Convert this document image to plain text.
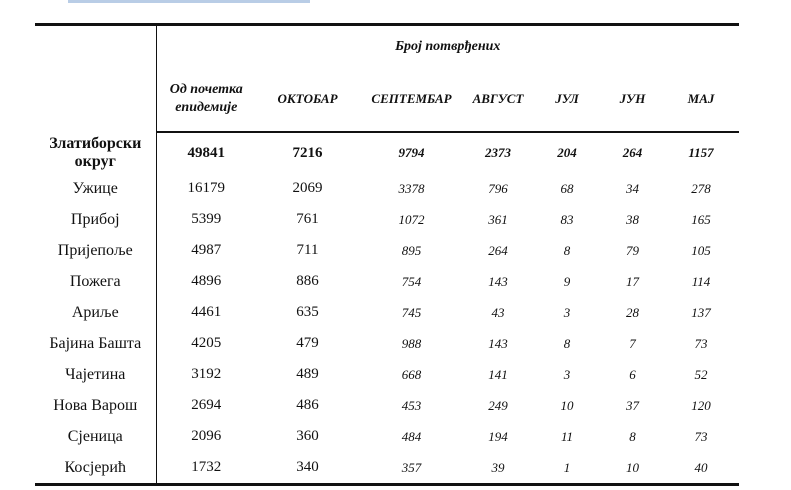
	Број потврђених						
	Од почетка епидемије	ОКТОБАР	СЕПТЕМБАР	АВГУСТ	ЈУЛ	ЈУН	МАЈ
Златиборски округ	49841	7216	9794	2373	204	264	1157
Ужице	16179	2069	3378	796	68	34	278
Прибој	5399	761	1072	361	83	38	165
Пријепоље	4987	711	895	264	8	79	105
Пожега	4896	886	754	143	9	17	114
Ариље	4461	635	745	43	3	28	137
Бајина Башта	4205	479	988	143	8	7	73
Чајетина	3192	489	668	141	3	6	52
Нова Варош	2694	486	453	249	10	37	120
Сјеница	2096	360	484	194	11	8	73
Косјерић	1732	340	357	39	1	10	40
